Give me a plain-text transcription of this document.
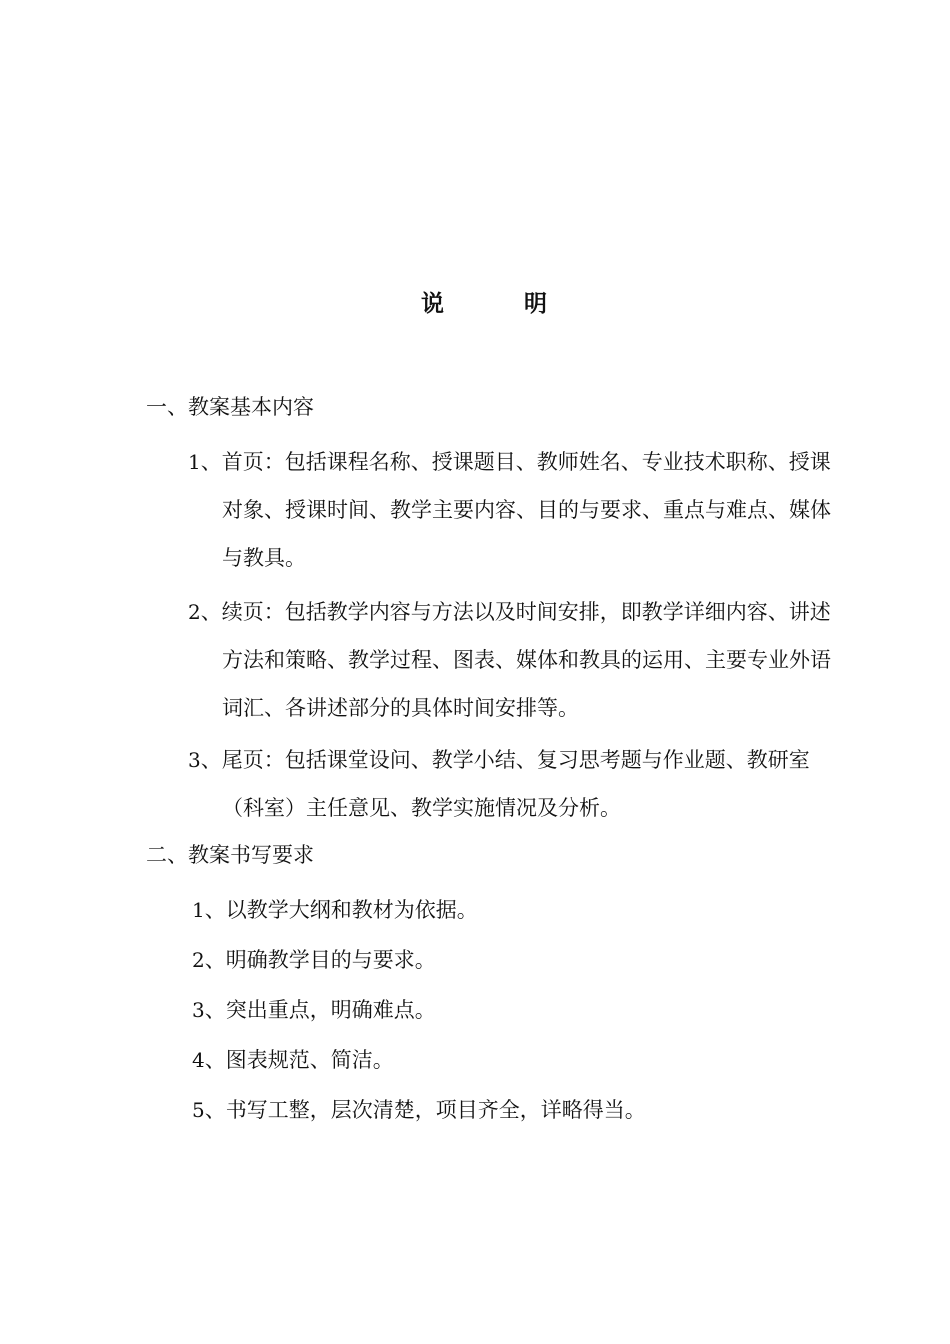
说 明
一、教案基本内容
1、首页：包括课程名称、授课题目、教师姓名、专业技术职称、授课对象、授课时间、教学主要内容、目的与要求、重点与难点、媒体与教具。
2、续页：包括教学内容与方法以及时间安排，即教学详细内容、讲述方法和策略、教学过程、图表、媒体和教具的运用、主要专业外语词汇、各讲述部分的具体时间安排等。
3、尾页：包括课堂设问、教学小结、复习思考题与作业题、教研室（科室）主任意见、教学实施情况及分析。
二、教案书写要求
1、以教学大纲和教材为依据。
2、明确教学目的与要求。
3、突出重点，明确难点。
4、图表规范、简洁。
5、书写工整，层次清楚，项目齐全，详略得当。
